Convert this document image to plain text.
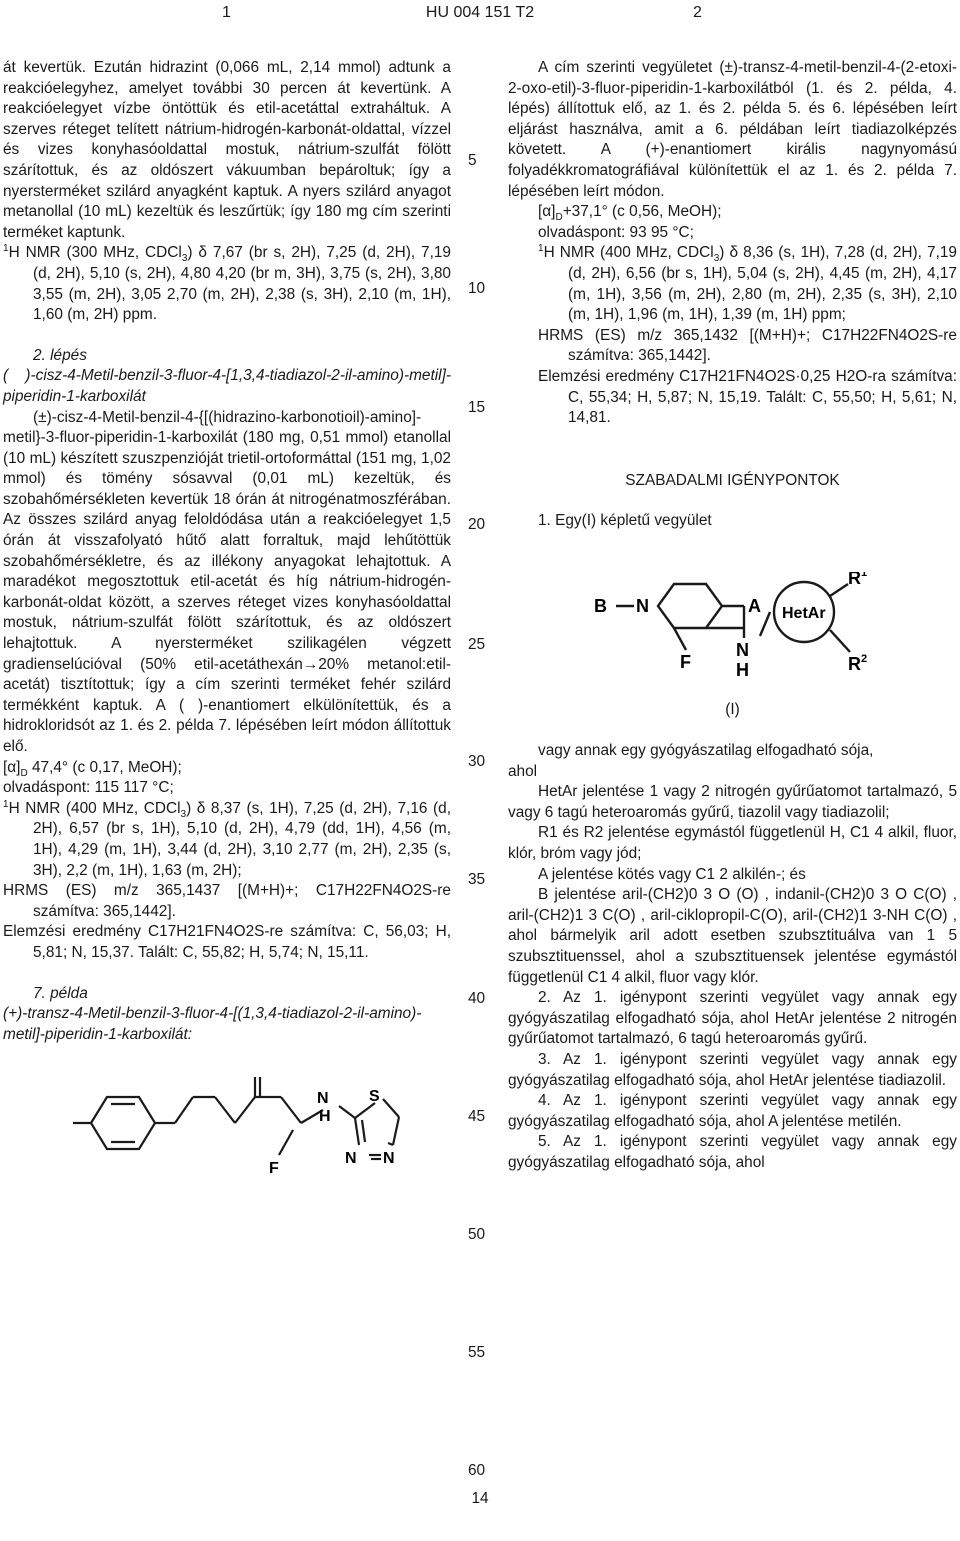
1	HU 004 151 T2	2
5
10
15
20
25
30
35
40
45
50
55
60

át kevertük. Ezután hidrazint (0,066 mL, 2,14 mmol) adtunk a reakcióelegyhez, amelyet további 30 percen át kevertünk. A reakcióelegyet vízbe öntöttük és etil-acetáttal extraháltuk. A szerves réteget telített nátrium-hidrogén-karbonát-oldattal, vízzel és vizes konyhasóoldattal mostuk, nátrium-szulfát fölött szárítottuk, és az oldószert vákuumban bepároltuk; így a nyersterméket szilárd anyagként kaptuk. A nyers szilárd anyagot metanollal (10 mL) kezeltük és leszűrtük; így 180 mg cím szerinti terméket kaptunk.

$^1$H NMR (300 MHz, CDCl$_3$) δ 7,67 (br s, 2H), 7,25 (d, 2H), 7,19 (d, 2H), 5,10 (s, 2H), 4,80 4,20 (br m, 3H), 3,75 (s, 2H), 3,80 3,55 (m, 2H), 3,05 2,70 (m, 2H), 2,38 (s, 3H), 2,10 (m, 1H), 1,60 (m, 2H) ppm.

2. lépés

( )-cisz-4-Metil-benzil-3-fluor-4-[1,3,4-tiadiazol-2-il-amino)-metil]-piperidin-1-karboxilát

(±)-cisz-4-Metil-benzil-4-{[(hidrazino-karbonotioil)-amino]-metil}-3-fluor-piperidin-1-karboxilát (180 mg, 0,51 mmol) etanollal (10 mL) készített szuszpenzióját trietil-ortoformáttal (151 mg, 1,02 mmol) és tömény sósavval (0,01 mL) kezeltük, és szobahőmérsékleten kevertük 18 órán át nitrogénatmoszférában. Az összes szilárd anyag feloldódása után a reakcióelegyet 1,5 órán át visszafolyató hűtő alatt forraltuk, majd lehűtöttük szobahőmérsékletre, és az illékony anyagokat lehajtottuk. A maradékot megosztottuk etil-acetát és híg nátrium-hidrogén-karbonát-oldat között, a szerves réteget vizes konyhasóoldattal mostuk, nátrium-szulfát fölött szárítottuk, és az oldószert lehajtottuk. A nyersterméket szilikagélen végzett gradienselúcióval (50% etil-acetáthexán→20% metanol:etil-acetát) tisztítottuk; így a cím szerinti terméket fehér szilárd termékként kaptuk. A ( )-enantiomert elkülönítettük, és a hidrokloridsót az 1. és 2. példa 7. lépésében leírt módon állítottuk elő.

$[\alpha]_D$ 47,4° (c 0,17, MeOH);

olvadáspont: 115 117 °C;

$^1$H NMR (400 MHz, CDCl$_3$) δ 8,37 (s, 1H), 7,25 (d, 2H), 7,16 (d, 2H), 6,57 (br s, 1H), 5,10 (d, 2H), 4,79 (dd, 1H), 4,56 (m, 1H), 4,29 (m, 1H), 3,44 (d, 2H), 3,10 2,77 (m, 2H), 2,35 (s, 3H), 2,2 (m, 1H), 1,63 (m, 2H);

HRMS (ES) m/z 365,1437 [(M+H)+; C17H22FN4O2S-re számítva: 365,1442].

Elemzési eredmény C17H21FN4O2S-re számítva: C, 56,03; H, 5,81; N, 15,37. Talált: C, 55,82; H, 5,74; N, 15,11.

7. példa

(+)-transz-4-Metil-benzil-3-fluor-4-[(1,3,4-tiadiazol-2-il-amino)-metil]-piperidin-1-karboxilát:

N
H
N N
S
F

A cím szerinti vegyületet (±)-transz-4-metil-benzil-4-(2-etoxi-2-oxo-etil)-3-fluor-piperidin-1-karboxilátból (1. és 2. példa, 4. lépés) állítottuk elő, az 1. és 2. példa 5. és 6. lépésében leírt eljárást használva, amit a 6. példában leírt tiadiazolképzés követett. A (+)-enantiomert királis nagynyomású folyadékkromatográfiával különítettük el az 1. és 2. példa 7. lépésében leírt módon.

$[\alpha]_D+37,1^\circ$ (c 0,56, MeOH);

olvadáspont: 93 95 °C;

$^1$H NMR (400 MHz, CDCl$_3$) δ 8,36 (s, 1H), 7,28 (d, 2H), 7,19 (d, 2H), 6,56 (br s, 1H), 5,04 (s, 2H), 4,45 (m, 2H), 4,17 (m, 1H), 3,56 (m, 2H), 2,80 (m, 2H), 2,35 (s, 3H), 2,10 (m, 1H), 1,96 (m, 1H), 1,39 (m, 1H) ppm;

HRMS (ES) m/z 365,1432 [(M+H)+; C17H22FN4O2S-re számítva: 365,1442].

Elemzési eredmény C17H21FN4O2S·0,25 H2O-ra számítva: C, 55,34; H, 5,87; N, 15,19. Talált: C, 55,50; H, 5,61; N, 14,81.

SZABADALMI IGÉNYPONTOK

1. Egy(I) képletű vegyület

B N
R 1
A HetAr
F
N
H	R 2

(I)

vagy annak egy gyógyászatilag elfogadható sója,

ahol

HetAr jelentése 1 vagy 2 nitrogén gyűrűatomot tartalmazó, 5 vagy 6 tagú heteroaromás gyűrű, tiazolil vagy tiadiazolil;

R1 és R2 jelentése egymástól függetlenül H, C1 4 alkil, fluor, klór, bróm vagy jód;

A jelentése kötés vagy C1 2 alkilén-; és

B jelentése aril-(CH2)0 3 O (O) , indanil-(CH2)0 3 O C(O) , aril-(CH2)1 3 C(O) , aril-ciklopropil-C(O), aril-(CH2)1 3-NH C(O) , ahol bármelyik aril adott esetben szubsztituálva van 1 5 szubsztituenssel, ahol a szubsztituensek jelentése egymástól függetlenül C1 4 alkil, fluor vagy klór.

2. Az 1. igénypont szerinti vegyület vagy annak egy gyógyászatilag elfogadható sója, ahol HetAr jelentése 2 nitrogén gyűrűatomot tartalmazó, 6 tagú heteroaromás gyűrű.

3. Az 1. igénypont szerinti vegyület vagy annak egy gyógyászatilag elfogadható sója, ahol HetAr jelentése tiadiazolil.

4. Az 1. igénypont szerinti vegyület vagy annak egy gyógyászatilag elfogadható sója, ahol A jelentése metilén.

5. Az 1. igénypont szerinti vegyület vagy annak egy gyógyászatilag elfogadható sója, ahol

14
